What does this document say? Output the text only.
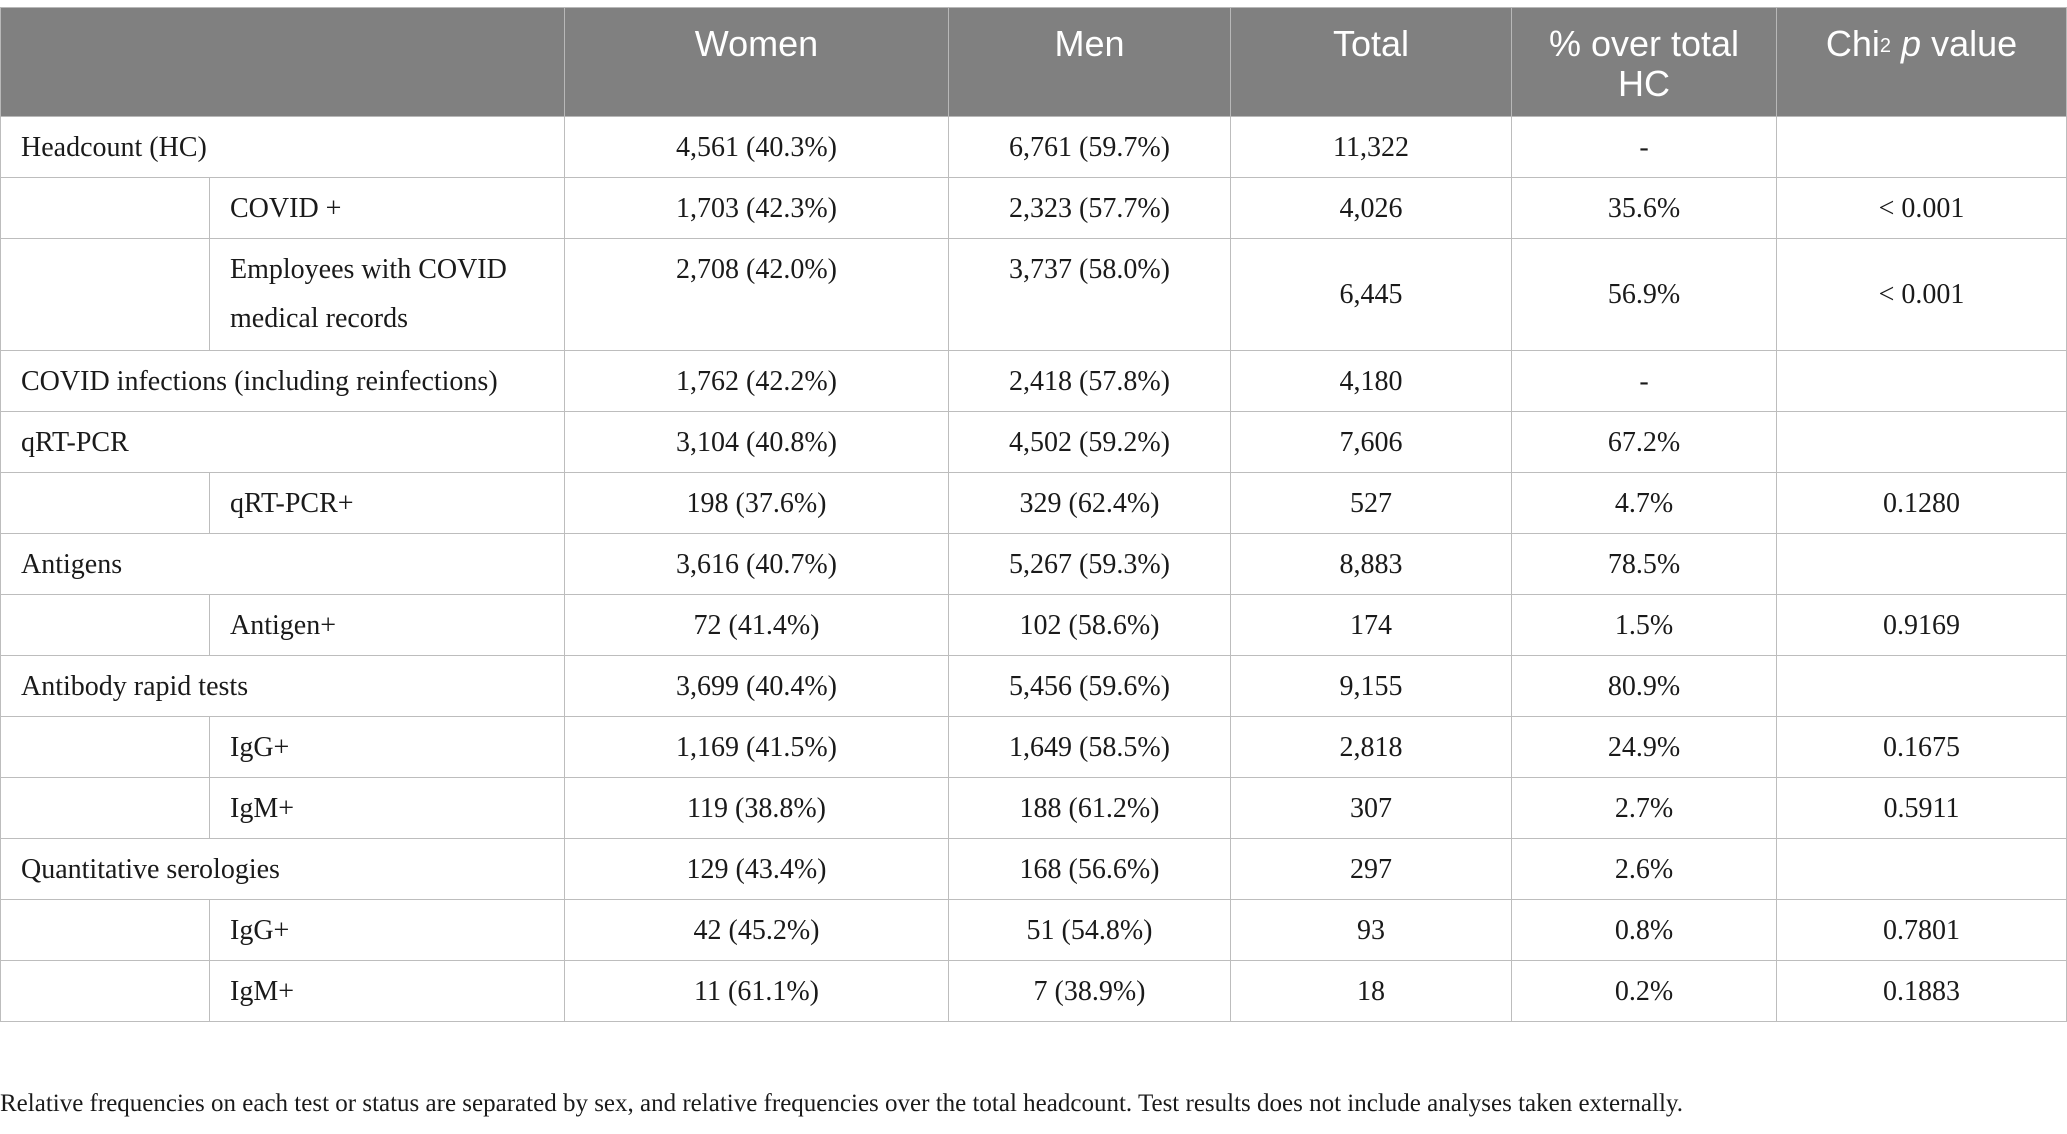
		Women	Men	Total	% over total HC	Chi$^2$ p value
Headcount (HC)		4,561 (40.3%)	6,761 (59.7%)	11,322	-	
	COVID +	1,703 (42.3%)	2,323 (57.7%)	4,026	35.6%	< 0.001
	Employees with COVID medical records	2,708 (42.0%)	3,737 (58.0%)	6,445	56.9%	< 0.001
COVID infections (including reinfections)		1,762 (42.2%)	2,418 (57.8%)	4,180	-	
qRT-PCR		3,104 (40.8%)	4,502 (59.2%)	7,606	67.2%	
	qRT-PCR+	198 (37.6%)	329 (62.4%)	527	4.7%	0.1280
Antigens		3,616 (40.7%)	5,267 (59.3%)	8,883	78.5%	
	Antigen+	72 (41.4%)	102 (58.6%)	174	1.5%	0.9169
Antibody rapid tests		3,699 (40.4%)	5,456 (59.6%)	9,155	80.9%	
	IgG+	1,169 (41.5%)	1,649 (58.5%)	2,818	24.9%	0.1675
	IgM+	119 (38.8%)	188 (61.2%)	307	2.7%	0.5911
Quantitative serologies		129 (43.4%)	168 (56.6%)	297	2.6%	
	IgG+	42 (45.2%)	51 (54.8%)	93	0.8%	0.7801
	IgM+	11 (61.1%)	7 (38.9%)	18	0.2%	0.1883
Relative frequencies on each test or status are separated by sex, and relative frequencies over the total headcount. Test results does not include analyses taken externally.
